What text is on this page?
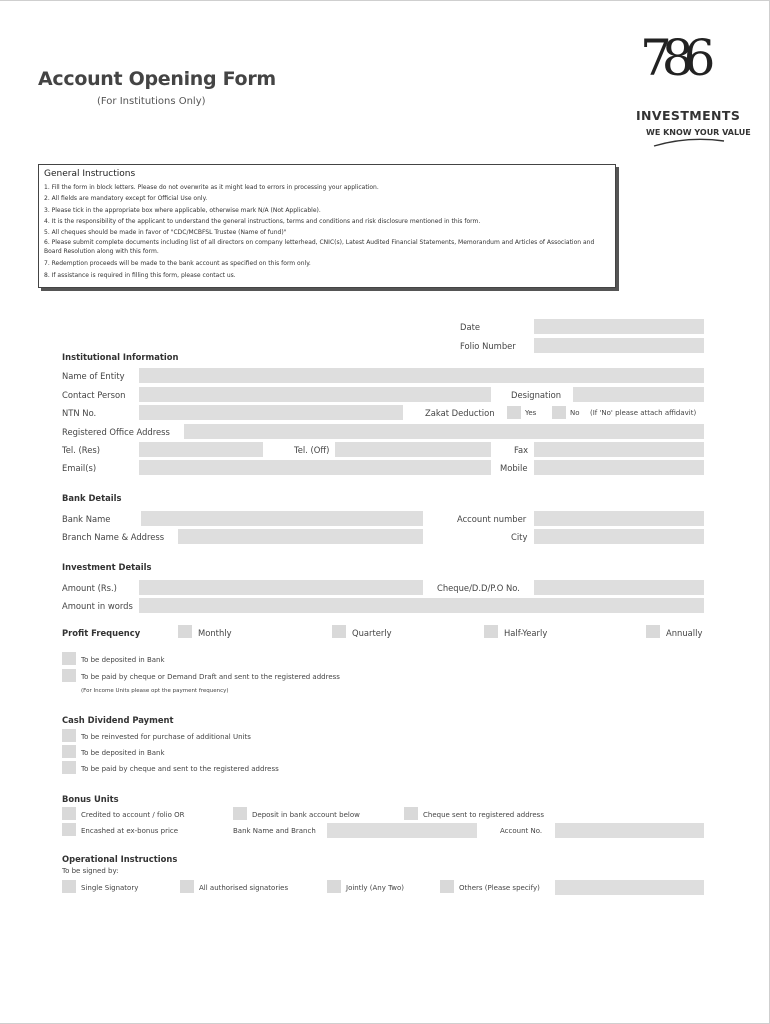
Account Opening Form
(For Institutions Only)
786
INVESTMENTS
WE KNOW YOUR VALUE
General Instructions
1. Fill the form in block letters. Please do not overwrite as it might lead to errors in processing your application.
2. All fields are mandatory except for Official Use only.
3. Please tick in the appropriate box where applicable, otherwise mark N/A (Not Applicable).
4. It is the responsibility of the applicant to understand the general instructions, terms and conditions and risk disclosure mentioned in this form.
5. All cheques should be made in favor of "CDC/MCBFSL Trustee (Name of fund)"
6. Please submit complete documents including list of all directors on company letterhead, CNIC(s), Latest Audited Financial Statements, Memorandum and Articles of Association and Board Resolution along with this form.
7. Redemption proceeds will be made to the bank account as specified on this form only.
8. If assistance is required in filling this form, please contact us.
Date
Folio Number
Institutional Information
Name of Entity
Contact Person	Designation
NTN No.	Zakat Deduction	Yes	No (If 'No' please attach affidavit)
Registered Office Address
Tel. (Res)	Tel. (Off)	Fax
Email(s)	Mobile
Bank Details
Bank Name	Account number
Branch Name & Address	City
Investment Details
Amount (Rs.)	Cheque/D.D/P.O No.
Amount in words
Profit Frequency	Monthly	Quarterly	Half-Yearly	Annually
To be deposited in Bank
To be paid by cheque or Demand Draft and sent to the registered address
(For Income Units please opt the payment frequency)
Cash Dividend Payment
To be reinvested for purchase of additional Units
To be deposited in Bank
To be paid by cheque and sent to the registered address
Bonus Units
Credited to account / folio OR	Deposit in bank account below	Cheque sent to registered address
Encashed at ex-bonus price	Bank Name and Branch	Account No.
Operational Instructions
To be signed by:
Single Signatory	All authorised signatories	Jointly (Any Two)	Others (Please specify)
